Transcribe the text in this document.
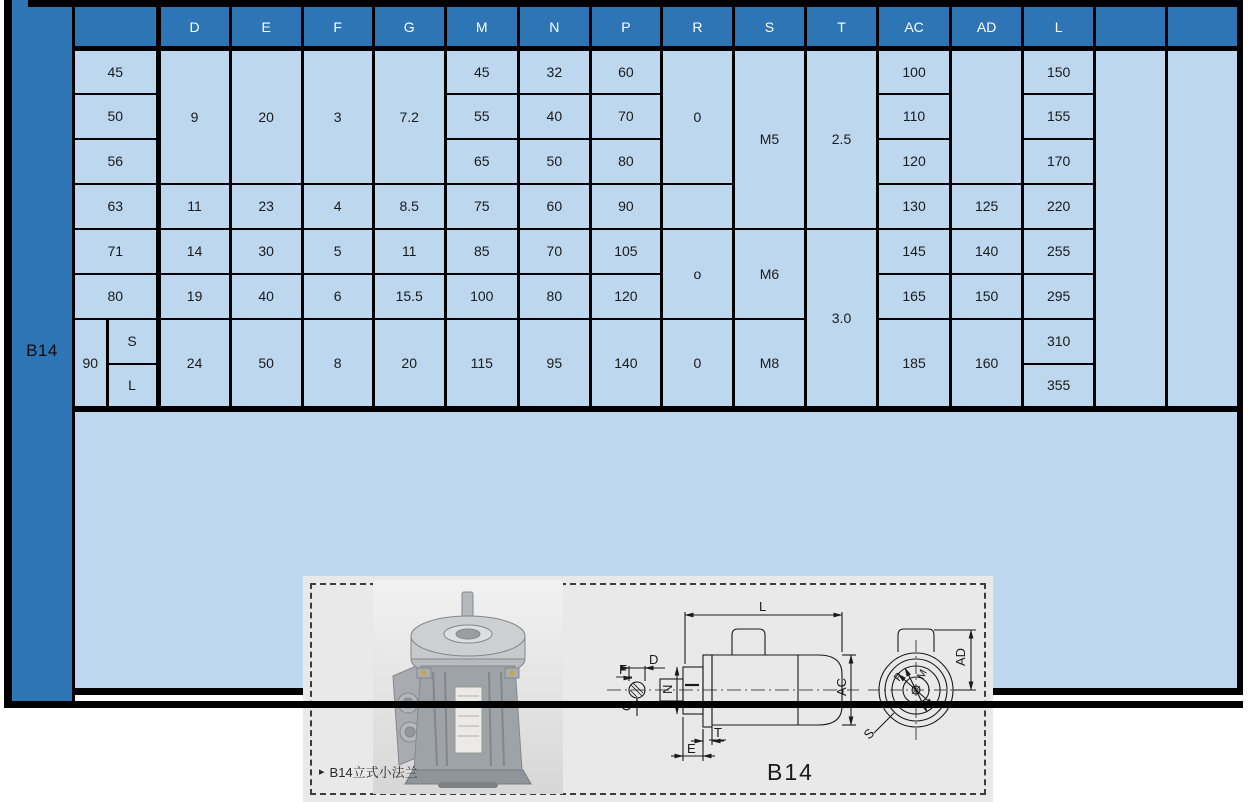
B14
		D	E	F	G	M	N	P	R	S	T	AC	AD	L		
45		9	20	3	7.2	45	32	60	0	M5	2.5	100		150		
50						55	40	70				110		155		
56						65	50	80				120		170		
63		11	23	4	8.5	75	60	90				130	125	220		
71		14	30	5	11	85	70	105	o	M6	3.0	145	140	255		
80		19	40	6	15.5	100	80	120				165	150	295		
90	S	24	50	8	20	115	95	140	0	M8		185	160	310		
	L													355		

▸ B14立式小法兰
D
F
N
L
E
T
AC
AD
S
P M
B14
